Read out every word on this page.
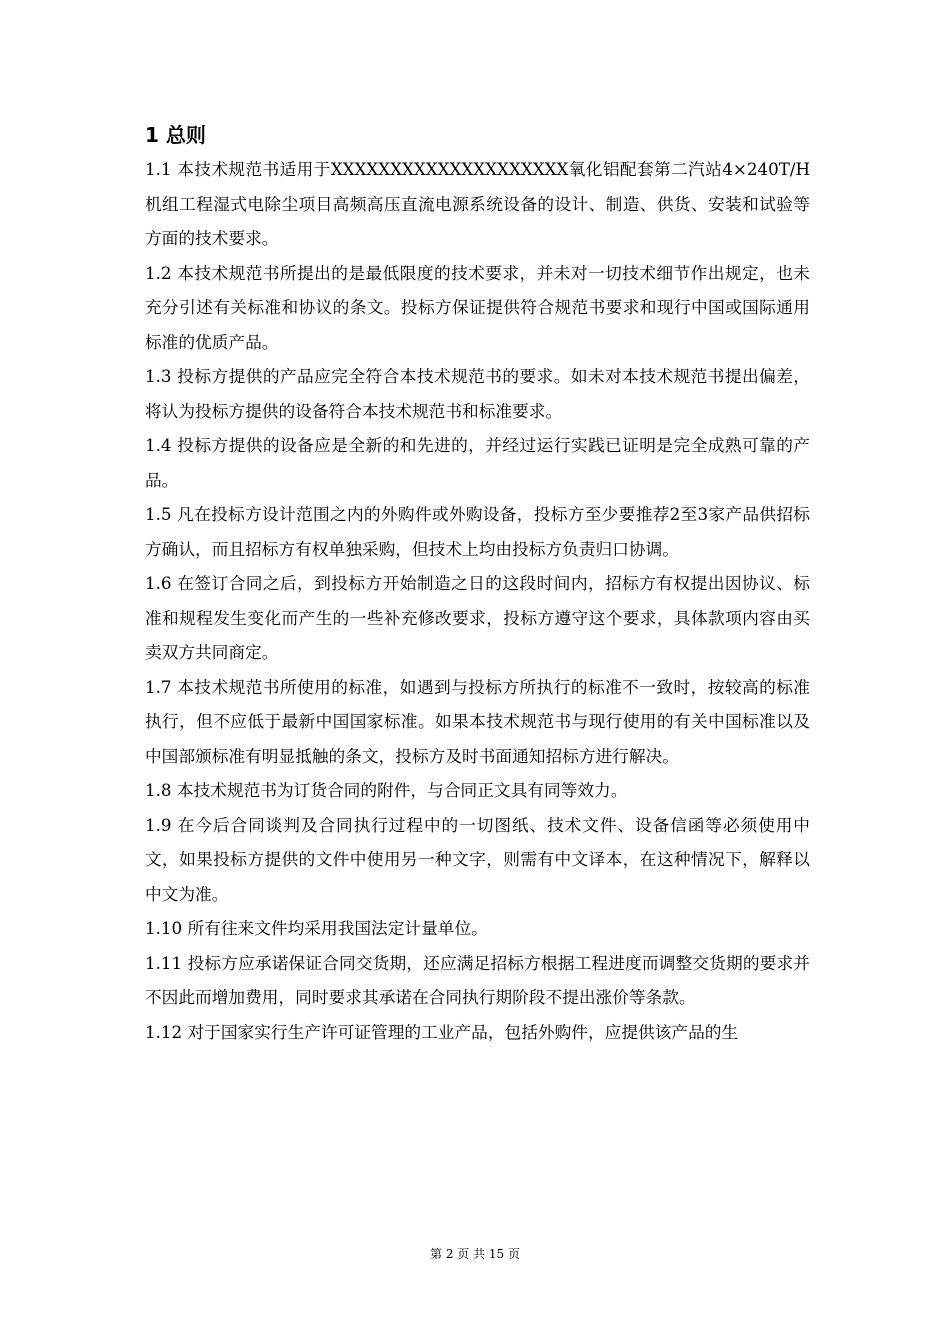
1 总则

1.1 本技术规范书适用于XXXXXXXXXXXXXXXXXXXX氧化铝配套第二汽站4×240T/H机组工程湿式电除尘项目高频高压直流电源系统设备的设计、制造、供货、安装和试验等方面的技术要求。

1.2 本技术规范书所提出的是最低限度的技术要求，并未对一切技术细节作出规定，也未充分引述有关标准和协议的条文。投标方保证提供符合规范书要求和现行中国或国际通用标准的优质产品。

1.3 投标方提供的产品应完全符合本技术规范书的要求。如未对本技术规范书提出偏差，将认为投标方提供的设备符合本技术规范书和标准要求。

1.4 投标方提供的设备应是全新的和先进的，并经过运行实践已证明是完全成熟可靠的产品。

1.5 凡在投标方设计范围之内的外购件或外购设备，投标方至少要推荐2至3家产品供招标方确认，而且招标方有权单独采购，但技术上均由投标方负责归口协调。

1.6 在签订合同之后，到投标方开始制造之日的这段时间内，招标方有权提出因协议、标准和规程发生变化而产生的一些补充修改要求，投标方遵守这个要求，具体款项内容由买卖双方共同商定。

1.7 本技术规范书所使用的标准，如遇到与投标方所执行的标准不一致时，按较高的标准执行，但不应低于最新中国国家标准。如果本技术规范书与现行使用的有关中国标准以及中国部颁标准有明显抵触的条文，投标方及时书面通知招标方进行解决。

1.8 本技术规范书为订货合同的附件，与合同正文具有同等效力。

1.9 在今后合同谈判及合同执行过程中的一切图纸、技术文件、设备信函等必须使用中文，如果投标方提供的文件中使用另一种文字，则需有中文译本，在这种情况下，解释以中文为准。

1.10 所有往来文件均采用我国法定计量单位。

1.11 投标方应承诺保证合同交货期，还应满足招标方根据工程进度而调整交货期的要求并不因此而增加费用，同时要求其承诺在合同执行期阶段不提出涨价等条款。

1.12 对于国家实行生产许可证管理的工业产品，包括外购件，应提供该产品的生

第 2 页 共 15 页
